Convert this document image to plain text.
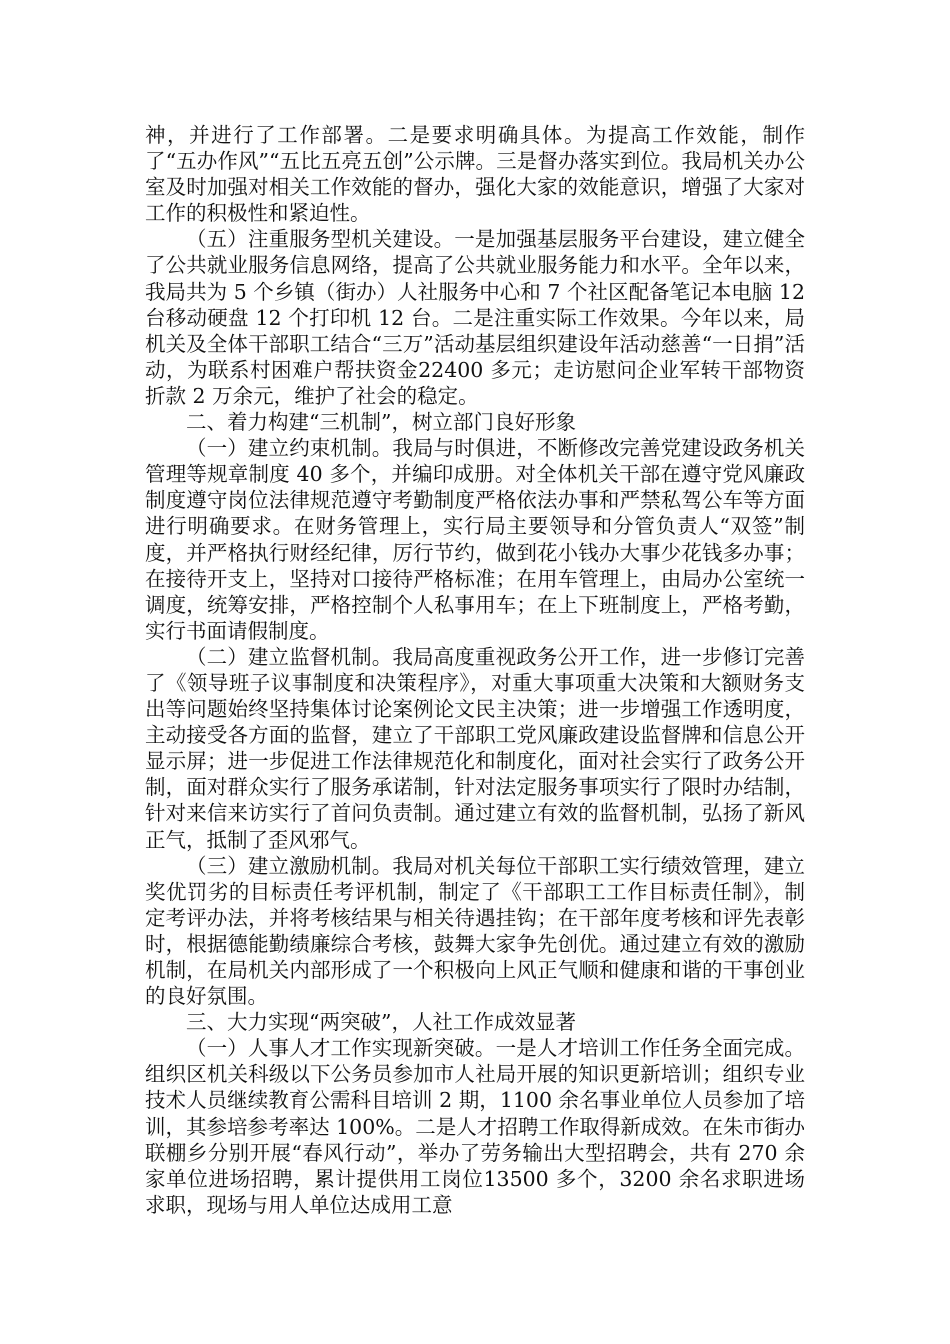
神，并进行了工作部署。二是要求明确具体。为提高工作效能，制作了“五办作风”“五比五亮五创”公示牌。三是督办落实到位。我局机关办公室及时加强对相关工作效能的督办，强化大家的效能意识，增强了大家对工作的积极性和紧迫性。

（五）注重服务型机关建设。一是加强基层服务平台建设，建立健全了公共就业服务信息网络，提高了公共就业服务能力和水平。全年以来，我局共为 5 个乡镇（街办）人社服务中心和 7 个社区配备笔记本电脑 12 台移动硬盘 12 个打印机 12 台。二是注重实际工作效果。今年以来，局机关及全体干部职工结合“三万”活动基层组织建设年活动慈善“一日捐”活动，为联系村困难户帮扶资金22400 多元；走访慰问企业军转干部物资折款 2 万余元，维护了社会的稳定。

二、着力构建“三机制”，树立部门良好形象

（一）建立约束机制。我局与时俱进，不断修改完善党建设政务机关管理等规章制度 40 多个，并编印成册。对全体机关干部在遵守党风廉政制度遵守岗位法律规范遵守考勤制度严格依法办事和严禁私驾公车等方面进行明确要求。在财务管理上，实行局主要领导和分管负责人“双签”制度，并严格执行财经纪律，厉行节约，做到花小钱办大事少花钱多办事；在接待开支上，坚持对口接待严格标准；在用车管理上，由局办公室统一调度，统筹安排，严格控制个人私事用车；在上下班制度上，严格考勤，实行书面请假制度。

（二）建立监督机制。我局高度重视政务公开工作，进一步修订完善了《领导班子议事制度和决策程序》，对重大事项重大决策和大额财务支出等问题始终坚持集体讨论案例论文民主决策；进一步增强工作透明度，主动接受各方面的监督，建立了干部职工党风廉政建设监督牌和信息公开显示屏；进一步促进工作法律规范化和制度化，面对社会实行了政务公开制，面对群众实行了服务承诺制，针对法定服务事项实行了限时办结制，针对来信来访实行了首问负责制。通过建立有效的监督机制，弘扬了新风正气，抵制了歪风邪气。

（三）建立激励机制。我局对机关每位干部职工实行绩效管理，建立奖优罚劣的目标责任考评机制，制定了《干部职工工作目标责任制》，制定考评办法，并将考核结果与相关待遇挂钩；在干部年度考核和评先表彰时，根据德能勤绩廉综合考核，鼓舞大家争先创优。通过建立有效的激励机制，在局机关内部形成了一个积极向上风正气顺和健康和谐的干事创业的良好氛围。

三、大力实现“两突破”，人社工作成效显著

（一）人事人才工作实现新突破。一是人才培训工作任务全面完成。组织区机关科级以下公务员参加市人社局开展的知识更新培训；组织专业技术人员继续教育公需科目培训 2 期，1100 余名事业单位人员参加了培训，其参培参考率达 100%。二是人才招聘工作取得新成效。在朱市街办联棚乡分别开展“春风行动”，举办了劳务输出大型招聘会，共有 270 余家单位进场招聘，累计提供用工岗位13500 多个，3200 余名求职进场求职，现场与用人单位达成用工意
